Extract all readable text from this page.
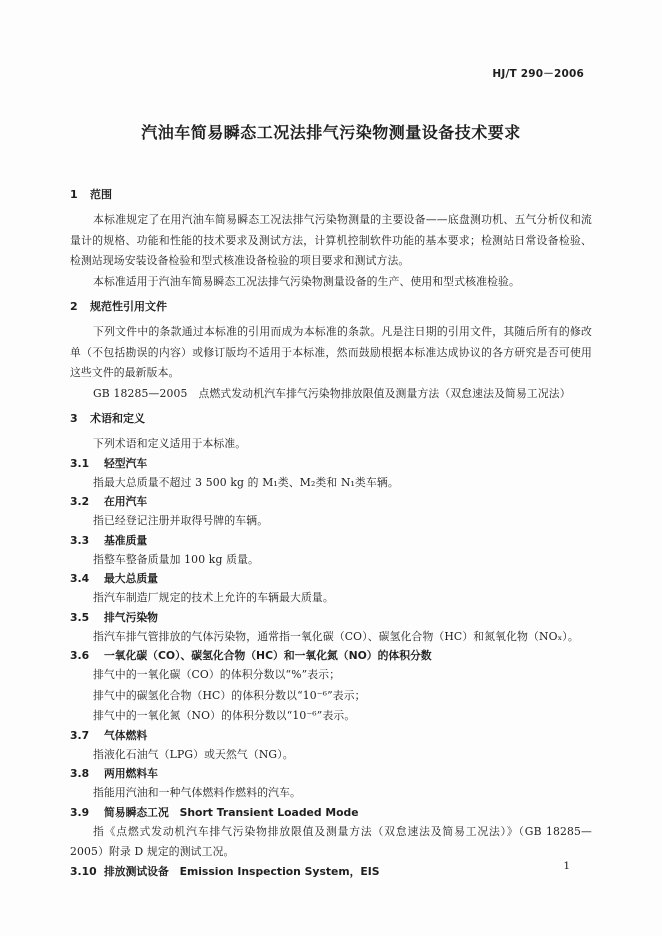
HJ/T 290－2006
汽油车简易瞬态工况法排气污染物测量设备技术要求
1 范围

本标准规定了在用汽油车简易瞬态工况法排气污染物测量的主要设备——底盘测功机、五气分析仪和流量计的规格、功能和性能的技术要求及测试方法，计算机控制软件功能的基本要求；检测站日常设备检验、检测站现场安装设备检验和型式核准设备检验的项目要求和测试方法。

本标准适用于汽油车简易瞬态工况法排气污染物测量设备的生产、使用和型式核准检验。

2 规范性引用文件

下列文件中的条款通过本标准的引用而成为本标准的条款。凡是注日期的引用文件，其随后所有的修改单（不包括勘误的内容）或修订版均不适用于本标准，然而鼓励根据本标准达成协议的各方研究是否可使用这些文件的最新版本。

GB 18285—2005　点燃式发动机汽车排气污染物排放限值及测量方法（双怠速法及简易工况法）

3 术语和定义

下列术语和定义适用于本标准。

3.1 轻型汽车

指最大总质量不超过 3 500 kg 的 M₁类、M₂类和 N₁类车辆。

3.2 在用汽车

指已经登记注册并取得号牌的车辆。

3.3 基准质量

指整车整备质量加 100 kg 质量。

3.4 最大总质量

指汽车制造厂规定的技术上允许的车辆最大质量。

3.5 排气污染物

指汽车排气管排放的气体污染物，通常指一氧化碳（CO）、碳氢化合物（HC）和氮氧化物（NOₓ）。

3.6 一氧化碳（CO）、碳氢化合物（HC）和一氧化氮（NO）的体积分数

排气中的一氧化碳（CO）的体积分数以“%”表示；

排气中的碳氢化合物（HC）的体积分数以“10⁻⁶”表示；

排气中的一氧化氮（NO）的体积分数以“10⁻⁶”表示。

3.7 气体燃料

指液化石油气（LPG）或天然气（NG）。

3.8 两用燃料车

指能用汽油和一种气体燃料作燃料的汽车。

3.9 简易瞬态工况　Short Transient Loaded Mode

指《点燃式发动机汽车排气污染物排放限值及测量方法（双怠速法及简易工况法）》（GB 18285—2005）附录 D 规定的测试工况。

3.10 排放测试设备　Emission Inspection System，EIS	1
